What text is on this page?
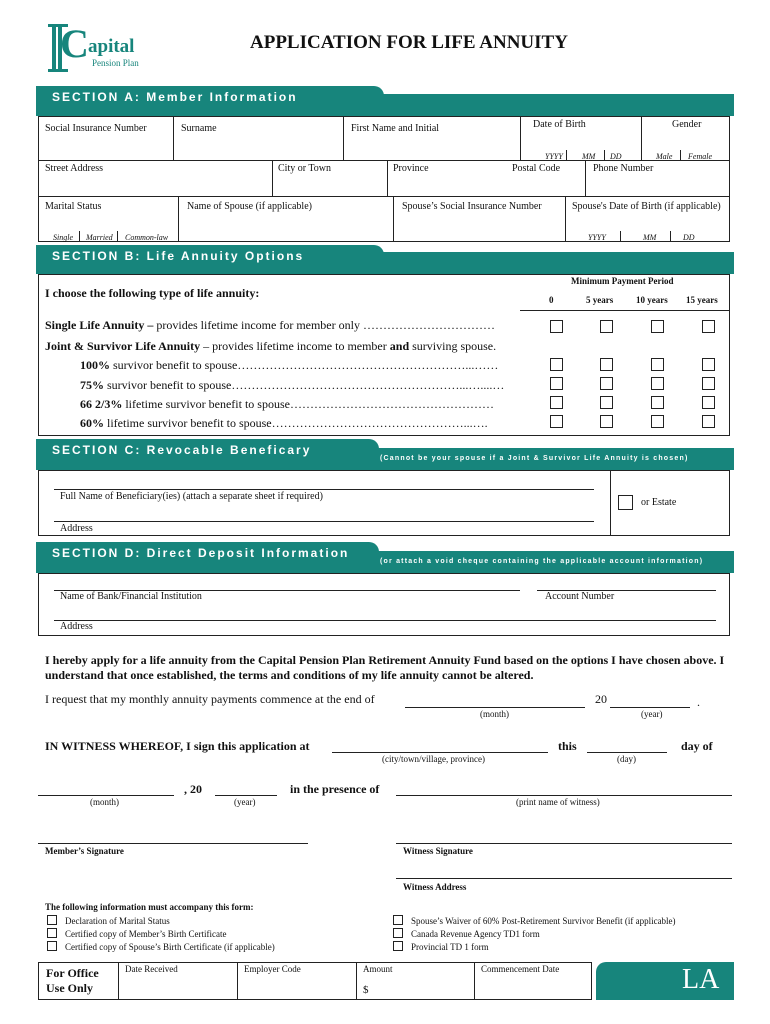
C apital
Pension Plan
APPLICATION FOR LIFE ANNUITY
SECTION A: Member Information
Social Insurance Number	Surname	First Name and Initial	Date of Birth	Gender
YYYY MM DD	Male Female
Street Address	City or Town	Province	Postal Code	Phone Number
Marital Status	Name of Spouse (if applicable)	Spouse’s Social Insurance Number	Spouse's Date of Birth (if applicable)
Single Married Common-law	YYYY	MM	DD
SECTION B: Life Annuity Options
I choose the following type of life annuity:
Minimum Payment Period
0	5 years	10 years 15 years
Single Life Annuity – provides lifetime income for member only ……………………………
Joint & Survivor Life Annuity – provides lifetime income to member and surviving spouse.
100% survivor benefit to spouse…………………………………………………...……
75% survivor benefit to spouse…………………………………………………...…....…
66 2/3% lifetime survivor benefit to spouse……………………………………………
60% lifetime survivor benefit to spouse…………………………………………...….
SECTION C: Revocable Beneficary
(Cannot be your spouse if a Joint & Survivor Life Annuity is chosen)
Full Name of Beneficiary(ies) (attach a separate sheet if required)
Address
or Estate
SECTION D: Direct Deposit Information
(or attach a void cheque containing the applicable account information)
Name of Bank/Financial Institution	Account Number
Address
I hereby apply for a life annuity from the Capital Pension Plan Retirement Annuity Fund based on the options I have chosen above. I understand that once established, the terms and conditions of my life annuity cannot be altered.
I request that my monthly annuity payments commence at the end of	20	.
(month)	(year)
IN WITNESS WHEREOF, I sign this application at	this	day of
(city/town/village, province)	(day)
, 20	in the presence of
(month)	(year)	(print name of witness)
Member’s Signature	Witness Signature
Witness Address
The following information must accompany this form:
Declaration of Marital Status
Certified copy of Member’s Birth Certificate
Certified copy of Spouse’s Birth Certificate (if applicable)
Spouse’s Waiver of 60% Post-Retirement Survivor Benefit (if applicable)
Canada Revenue Agency TD1 form
Provincial TD 1 form
For Office
Use Only
Date Received	Employer Code	Amount
$
Commencement Date	LA
